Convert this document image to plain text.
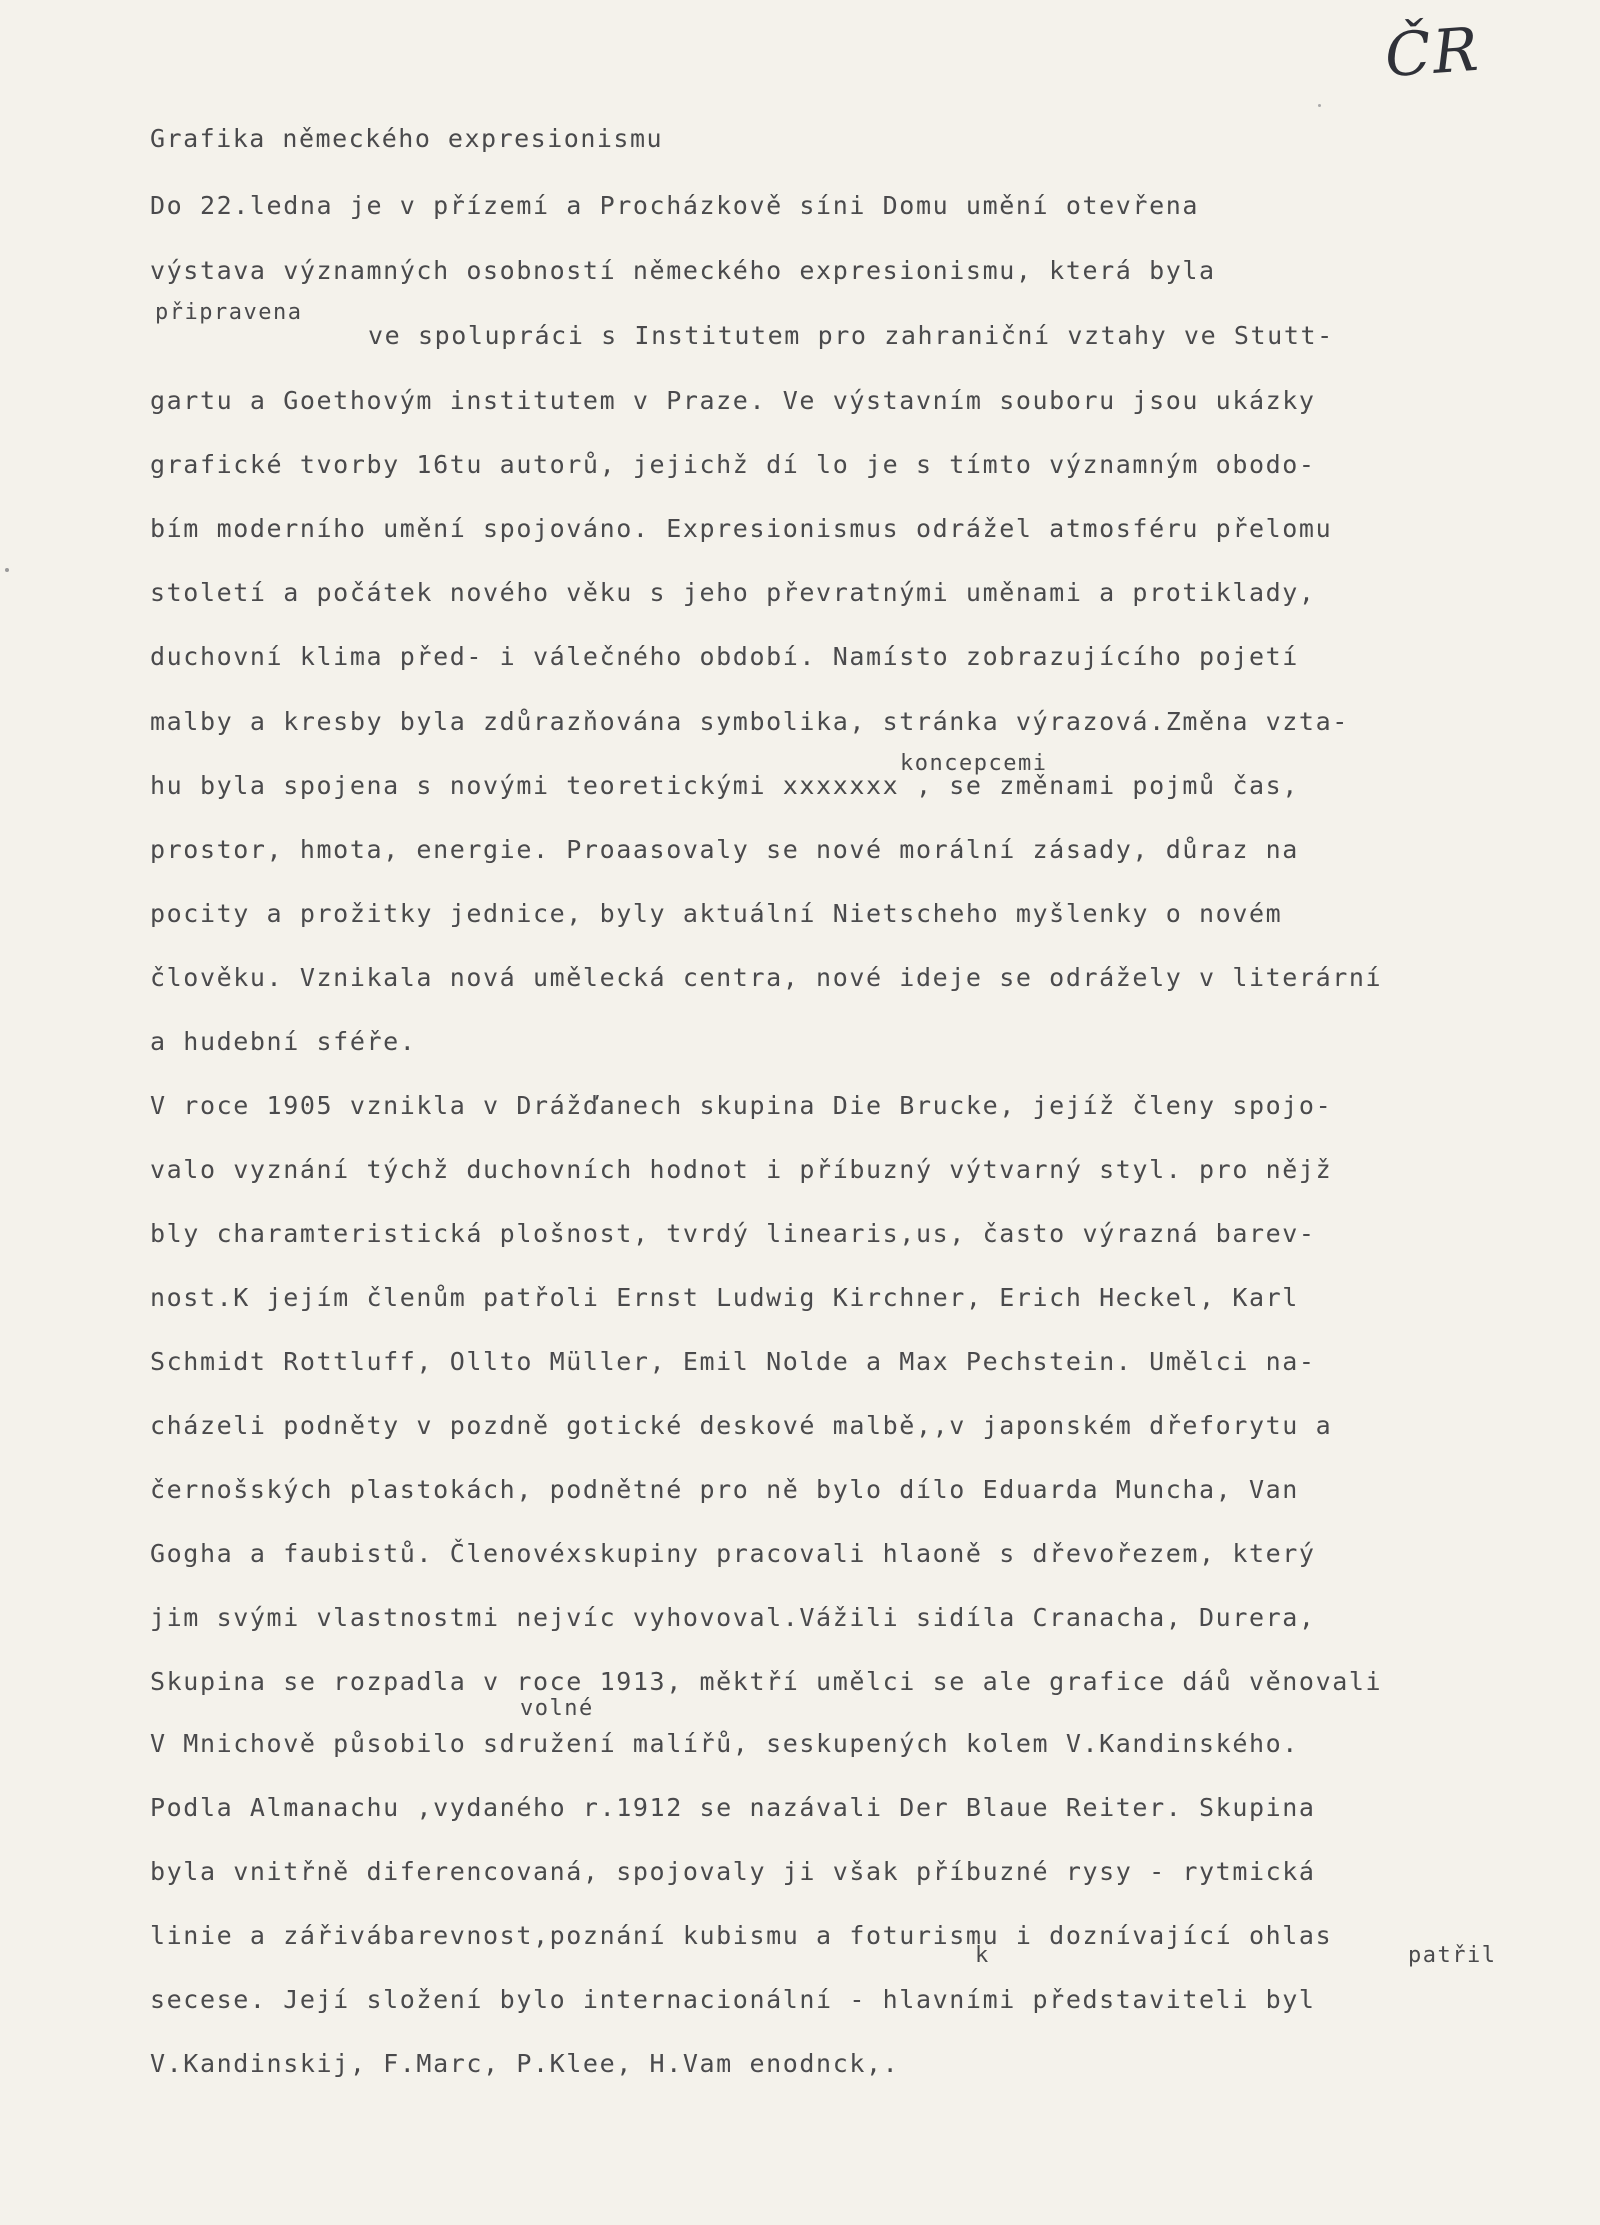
ČR
Grafika německého expresionismu
Do 22.ledna je v přízemí a Procházkově síni Domu umění otevřena
připravena
výstava významných osobností německého expresionismu, která byla
ve spolupráci s Institutem pro zahraniční vztahy ve Stutt-
gartu a Goethovým institutem v Praze. Ve výstavním souboru jsou ukázky
grafické tvorby 16tu autorů, jejichž dí lo je s tímto významným obodo-
bím moderního umění spojováno. Expresionismus odrážel atmosféru přelomu
století a počátek nového věku s jeho převratnými uměnami a protiklady,
duchovní klima před- i válečného období. Namísto zobrazujícího pojetí
malby a kresby byla zdůrazňována symbolika, stránka výrazová.Změna vzta-
koncepcemi
hu byla spojena s novými teoretickými xxxxxxx , se změnami pojmů čas,
prostor, hmota, energie. Proaasovaly se nové morální zásady, důraz na
pocity a prožitky jednice, byly aktuální Nietscheho myšlenky o novém
člověku. Vznikala nová umělecká centra, nové ideje se odrážely v literární
a hudební sféře.
V roce 1905 vznikla v Drážďanech skupina Die Brucke, jejíž členy spojo-
valo vyznání týchž duchovních hodnot i příbuzný výtvarný styl. pro nějž
bly charamteristická plošnost, tvrdý linearis,us, často výrazná barev-
nost.K jejím členům patřoli Ernst Ludwig Kirchner, Erich Heckel, Karl
Schmidt Rottluff, Ollto Müller, Emil Nolde a Max Pechstein. Umělci na-
cházeli podněty v pozdně gotické deskové malbě,,v japonském dřeforytu a
černošských plastokách, podnětné pro ně bylo dílo Eduarda Muncha, Van
Gogha a faubistů. Členovéxskupiny pracovali hlaoně s dřevořezem, který
jim svými vlastnostmi nejvíc vyhovoval.Vážili sidíla Cranacha, Durera,
Skupina se rozpadla v roce 1913, měktří umělci se ale grafice dáů věnovali
volné
V Mnichově působilo sdružení malířů, seskupených kolem V.Kandinského.
Podla Almanachu ,vydaného r.1912 se nazávali Der Blaue Reiter. Skupina
byla vnitřně diferencovaná, spojovaly ji však příbuzné rysy - rytmická
linie a zářivábarevnost,poznání kubismu a foturismu i doznívající ohlas
k	patřil
secese. Její složení bylo internacionální - hlavními představiteli byl
V.Kandinskij, F.Marc, P.Klee, H.Vam enodnck,.
